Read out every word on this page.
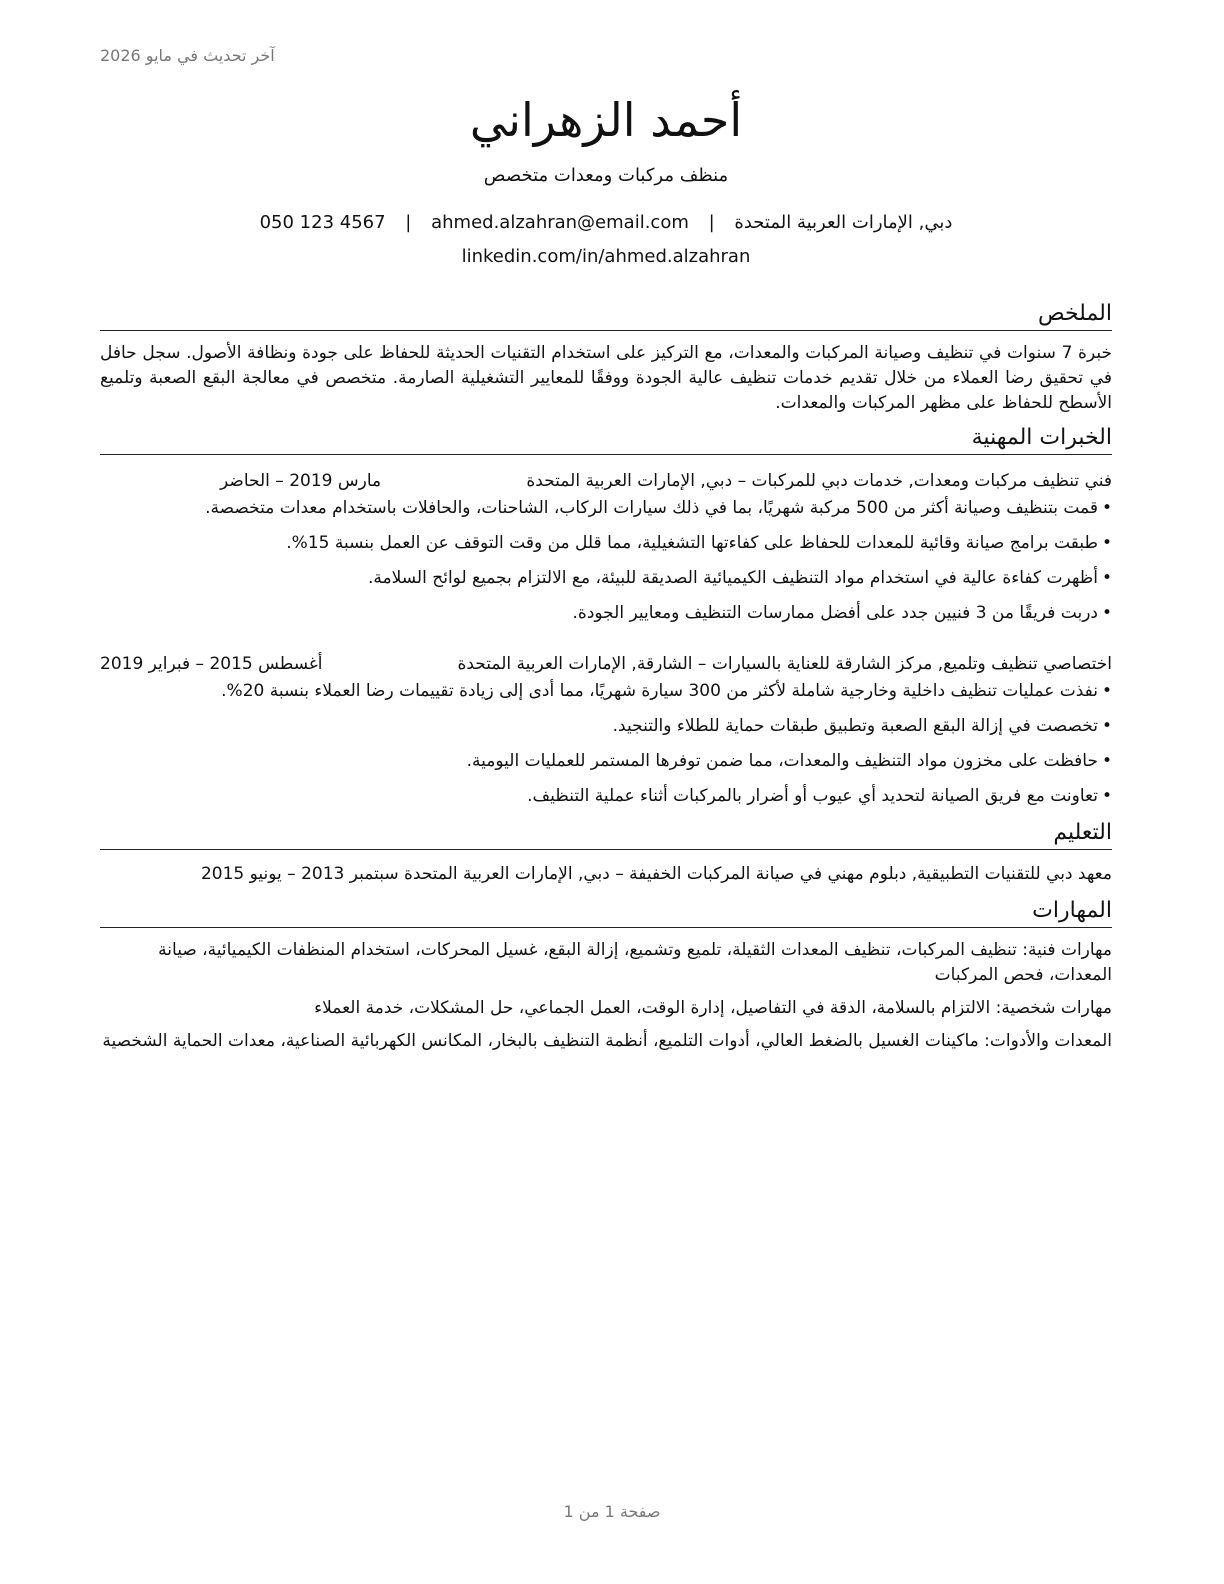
آخر تحديث في مايو 2026
أحمد الزهراني
منظف مركبات ومعدات متخصص
دبي, الإمارات العربية المتحدة | ahmed.alzahran@email.com | 050 123 4567
linkedin.com/in/ahmed.alzahran
الملخص

خبرة 7 سنوات في تنظيف وصيانة المركبات والمعدات، مع التركيز على استخدام التقنيات الحديثة للحفاظ على جودة ونظافة الأصول. سجل حافل في تحقيق رضا العملاء من خلال تقديم خدمات تنظيف عالية الجودة ووفقًا للمعايير التشغيلية الصارمة. متخصص في معالجة البقع الصعبة وتلميع الأسطح للحفاظ على مظهر المركبات والمعدات.

الخبرات المهنية
فني تنظيف مركبات ومعدات, خدمات دبي للمركبات – دبي, الإمارات العربية المتحدة
مارس 2019 – الحاضر
• قمت بتنظيف وصيانة أكثر من 500 مركبة شهريًا، بما في ذلك سيارات الركاب، الشاحنات، والحافلات باستخدام معدات متخصصة.
• طبقت برامج صيانة وقائية للمعدات للحفاظ على كفاءتها التشغيلية، مما قلل من وقت التوقف عن العمل بنسبة 15%.
• أظهرت كفاءة عالية في استخدام مواد التنظيف الكيميائية الصديقة للبيئة، مع الالتزام بجميع لوائح السلامة.
• دربت فريقًا من 3 فنيين جدد على أفضل ممارسات التنظيف ومعايير الجودة.
اختصاصي تنظيف وتلميع, مركز الشارقة للعناية بالسيارات – الشارقة, الإمارات العربية المتحدة
أغسطس 2015 – فبراير 2019
• نفذت عمليات تنظيف داخلية وخارجية شاملة لأكثر من 300 سيارة شهريًا، مما أدى إلى زيادة تقييمات رضا العملاء بنسبة 20%.
• تخصصت في إزالة البقع الصعبة وتطبيق طبقات حماية للطلاء والتنجيد.
• حافظت على مخزون مواد التنظيف والمعدات، مما ضمن توفرها المستمر للعمليات اليومية.
• تعاونت مع فريق الصيانة لتحديد أي عيوب أو أضرار بالمركبات أثناء عملية التنظيف.
التعليم
معهد دبي للتقنيات التطبيقية, دبلوم مهني في صيانة المركبات الخفيفة – دبي, الإمارات العربية المتحدة سبتمبر 2013 – يونيو 2015
المهارات
مهارات فنية: تنظيف المركبات، تنظيف المعدات الثقيلة، تلميع وتشميع، إزالة البقع، غسيل المحركات، استخدام المنظفات الكيميائية، صيانة المعدات، فحص المركبات
مهارات شخصية: الالتزام بالسلامة، الدقة في التفاصيل، إدارة الوقت، العمل الجماعي، حل المشكلات، خدمة العملاء
المعدات والأدوات: ماكينات الغسيل بالضغط العالي، أدوات التلميع، أنظمة التنظيف بالبخار، المكانس الكهربائية الصناعية، معدات الحماية الشخصية
صفحة 1 من 1
